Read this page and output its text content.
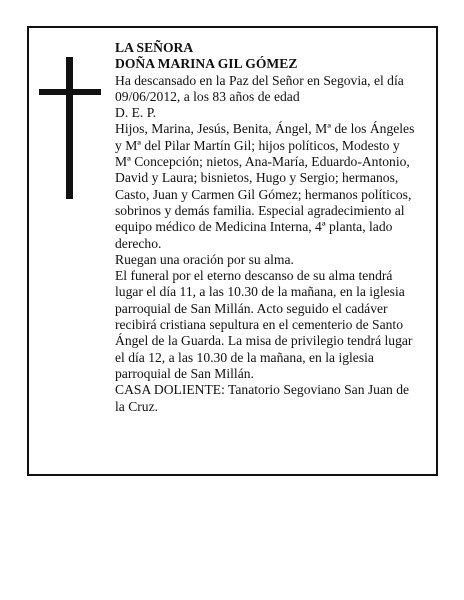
LA SEÑORA

DOÑA MARINA GIL GÓMEZ

Ha descansado en la Paz del Señor en Segovia, el día 09/06/2012, a los 83 años de edad

D. E. P.

Hijos, Marina, Jesús, Benita, Ángel, Mª de los Ángeles y Mª del Pilar Martín Gil; hijos políticos, Modesto y Mª Concepción; nietos, Ana-María, Eduardo-Antonio, David y Laura; bisnietos, Hugo y Sergio; hermanos, Casto, Juan y Carmen Gil Gómez; hermanos políticos, sobrinos y demás familia. Especial agradecimiento al equipo médico de Medicina Interna, 4ª planta, lado derecho.

Ruegan una oración por su alma.

El funeral por el eterno descanso de su alma tendrá lugar el día 11, a las 10.30 de la mañana, en la iglesia parroquial de San Millán. Acto seguido el cadáver recibirá cristiana sepultura en el cementerio de Santo Ángel de la Guarda. La misa de privilegio tendrá lugar el día 12, a las 10.30 de la mañana, en la iglesia parroquial de San Millán.

CASA DOLIENTE: Tanatorio Segoviano San Juan de la Cruz.
